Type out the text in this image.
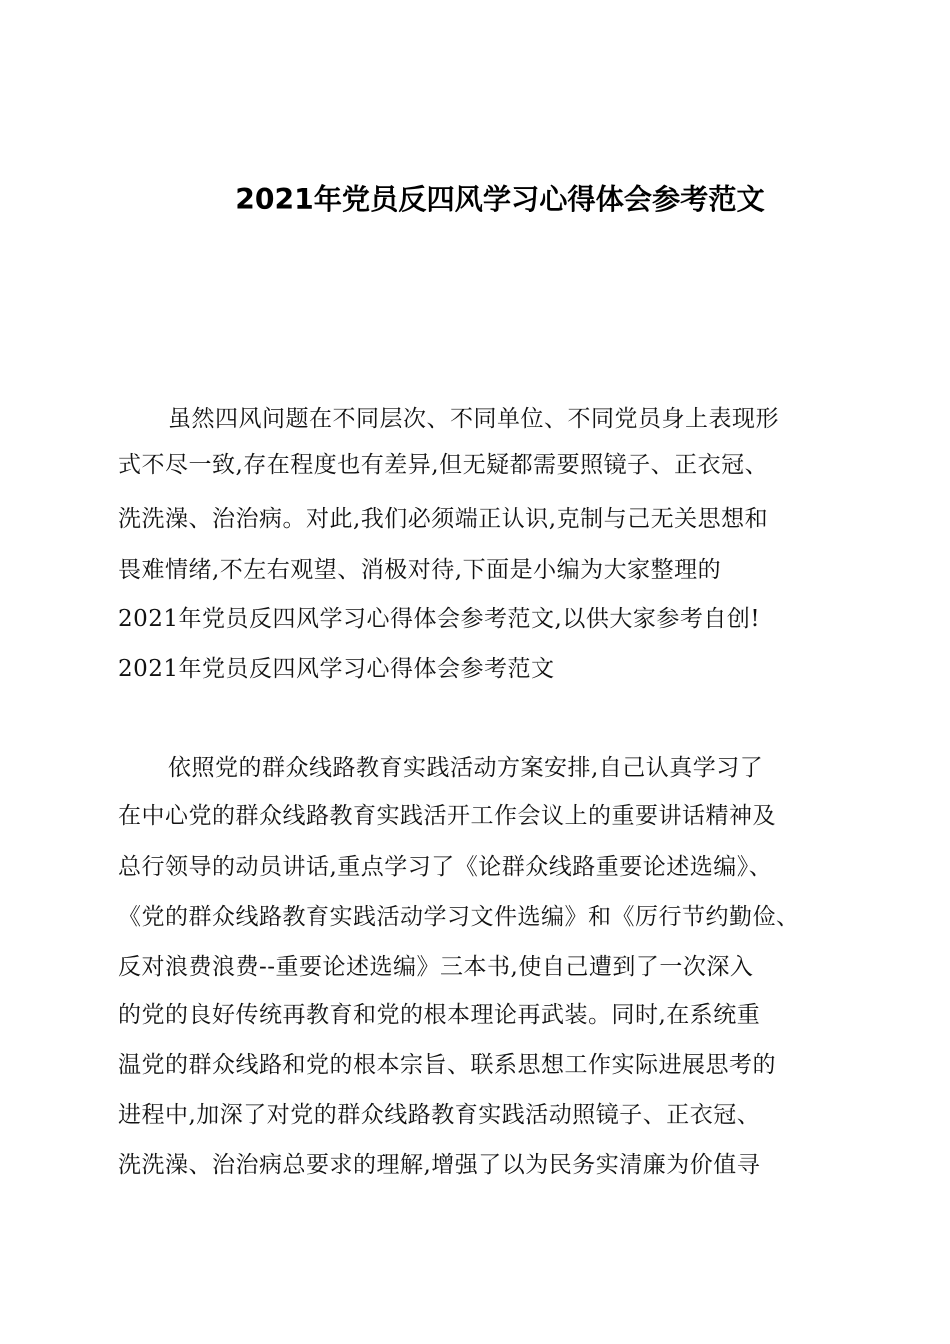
2021年党员反四风学习心得体会参考范文
虽然四风问题在不同层次、不同单位、不同党员身上表现形
式不尽一致,存在程度也有差异,但无疑都需要照镜子、正衣冠、
洗洗澡、治治病。对此,我们必须端正认识,克制与己无关思想和
畏难情绪,不左右观望、消极对待,下面是小编为大家整理的
2021年党员反四风学习心得体会参考范文,以供大家参考自创!
2021年党员反四风学习心得体会参考范文
依照党的群众线路教育实践活动方案安排,自己认真学习了
在中心党的群众线路教育实践活开工作会议上的重要讲话精神及
总行领导的动员讲话,重点学习了《论群众线路重要论述选编》、
《党的群众线路教育实践活动学习文件选编》和《厉行节约勤俭、
反对浪费浪费--重要论述选编》三本书,使自己遭到了一次深入
的党的良好传统再教育和党的根本理论再武装。同时,在系统重
温党的群众线路和党的根本宗旨、联系思想工作实际进展思考的
进程中,加深了对党的群众线路教育实践活动照镜子、正衣冠、
洗洗澡、治治病总要求的理解,增强了以为民务实清廉为价值寻
